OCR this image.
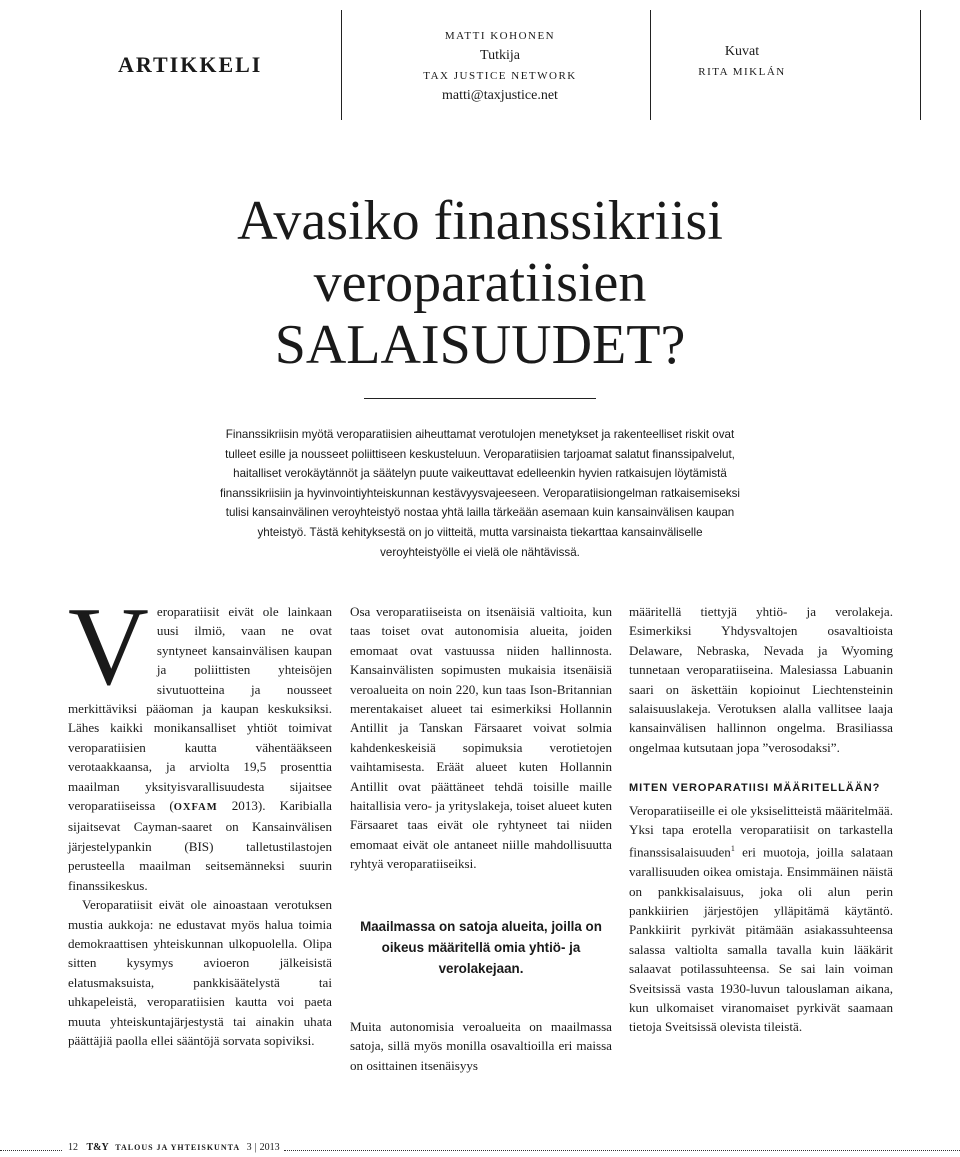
ARTIKKELI
MATTI KOHONEN
Tutkija
TAX JUSTICE NETWORK
matti@taxjustice.net
Kuvat
RITA MIKLÁN
Avasiko finanssikriisi
veroparatiisien
SALAISUUDET?
Finanssikriisin myötä veroparatiisien aiheuttamat verotulojen menetykset ja rakenteelliset riskit ovat tulleet esille ja nousseet poliittiseen keskusteluun. Veroparatiisien tarjoamat salatut finanssipalvelut, haitalliset verokäytännöt ja säätelyn puute vaikeuttavat edelleenkin hyvien ratkaisujen löytämistä finanssikriisiin ja hyvinvointiyhteiskunnan kestävyysvajeeseen. Veroparatiisiongelman ratkaisemiseksi tulisi kansainvälinen veroyhteistyö nostaa yhtä lailla tärkeään asemaan kuin kansainvälisen kaupan yhteistyö. Tästä kehityksestä on jo viitteitä, mutta varsinaista tiekarttaa kansainväliselle veroyhteistyölle ei vielä ole nähtävissä.

Veroparatiisit eivät ole lainkaan uusi ilmiö, vaan ne ovat syntyneet kansainvälisen kaupan ja poliittisten yhteisöjen sivutuotteina ja nousseet merkittäviksi pääoman ja kaupan keskuksiksi. Lähes kaikki monikansalliset yhtiöt toimivat veroparatiisien kautta vähentääkseen verotaakkaansa, ja arviolta 19,5 prosenttia maailman yksityisvarallisuudesta sijaitsee veroparatiiseissa (OXFAM 2013). Karibialla sijaitsevat Cayman-saaret on Kansainvälisen järjestelypankin (BIS) talletustilastojen perusteella maailman seitsemänneksi suurin finanssikeskus.

Veroparatiisit eivät ole ainoastaan verotuksen mustia aukkoja: ne edustavat myös halua toimia demokraattisen yhteiskunnan ulkopuolella. Olipa sitten kysymys avioeron jälkeisistä elatusmaksuista, pankkisäätelystä tai uhkapeleistä, veroparatiisien kautta voi paeta muuta yhteiskuntajärjestystä tai ainakin uhata päättäjiä paolla ellei sääntöjä sorvata sopiviksi.

Osa veroparatiiseista on itsenäisiä valtioita, kun taas toiset ovat autonomisia alueita, joiden emomaat ovat vastuussa niiden hallinnosta. Kansainvälisten sopimusten mukaisia itsenäisiä veroalueita on noin 220, kun taas Ison-Britannian merentakaiset alueet tai esimerkiksi Hollannin Antillit ja Tanskan Färsaaret voivat solmia kahdenkeskeisiä sopimuksia verotietojen vaihtamisesta. Eräät alueet kuten Hollannin Antillit ovat päättäneet tehdä toisille maille haitallisia vero- ja yrityslakeja, toiset alueet kuten Färsaaret taas eivät ole ryhtyneet tai niiden emomaat eivät ole antaneet niille mahdollisuutta ryhtyä veroparatiiseiksi.

Maailmassa on satoja alueita, joilla on oikeus määritellä omia yhtiö- ja verolakejaan.

Muita autonomisia veroalueita on maailmassa satoja, sillä myös monilla osavaltioilla eri maissa on osittainen itsenäisyys

määritellä tiettyjä yhtiö- ja verolakeja. Esimerkiksi Yhdysvaltojen osavaltioista Delaware, Nebraska, Nevada ja Wyoming tunnetaan veroparatiiseina. Malesiassa Labuanin saari on äskettäin kopioinut Liechtensteinin salaisuuslakeja. Verotuksen alalla vallitsee laaja kansainvälisen hallinnon ongelma. Brasiliassa ongelmaa kutsutaan jopa ”verosodaksi”.

MITEN VEROPARATIISI MÄÄRITELLÄÄN?

Veroparatiiseille ei ole yksiselitteistä määritelmää. Yksi tapa erotella veroparatiisit on tarkastella finanssisalaisuuden$^1$ eri muotoja, joilla salataan varallisuuden oikea omistaja. Ensimmäinen näistä on pankkisalaisuus, joka oli alun perin pankkiirien järjestöjen ylläpitämä käytäntö. Pankkiirit pyrkivät pitämään asiakassuhteensa salassa valtiolta samalla tavalla kuin lääkärit salaavat potilassuhteensa. Se sai lain voiman Sveitsissä vasta 1930-luvun talouslaman aikana, kun ulkomaiset viranomaiset pyrkivät saamaan tietoja Sveitsissä olevista tileistä.

12 T&Y TALOUS JA YHTEISKUNTA 3 | 2013
